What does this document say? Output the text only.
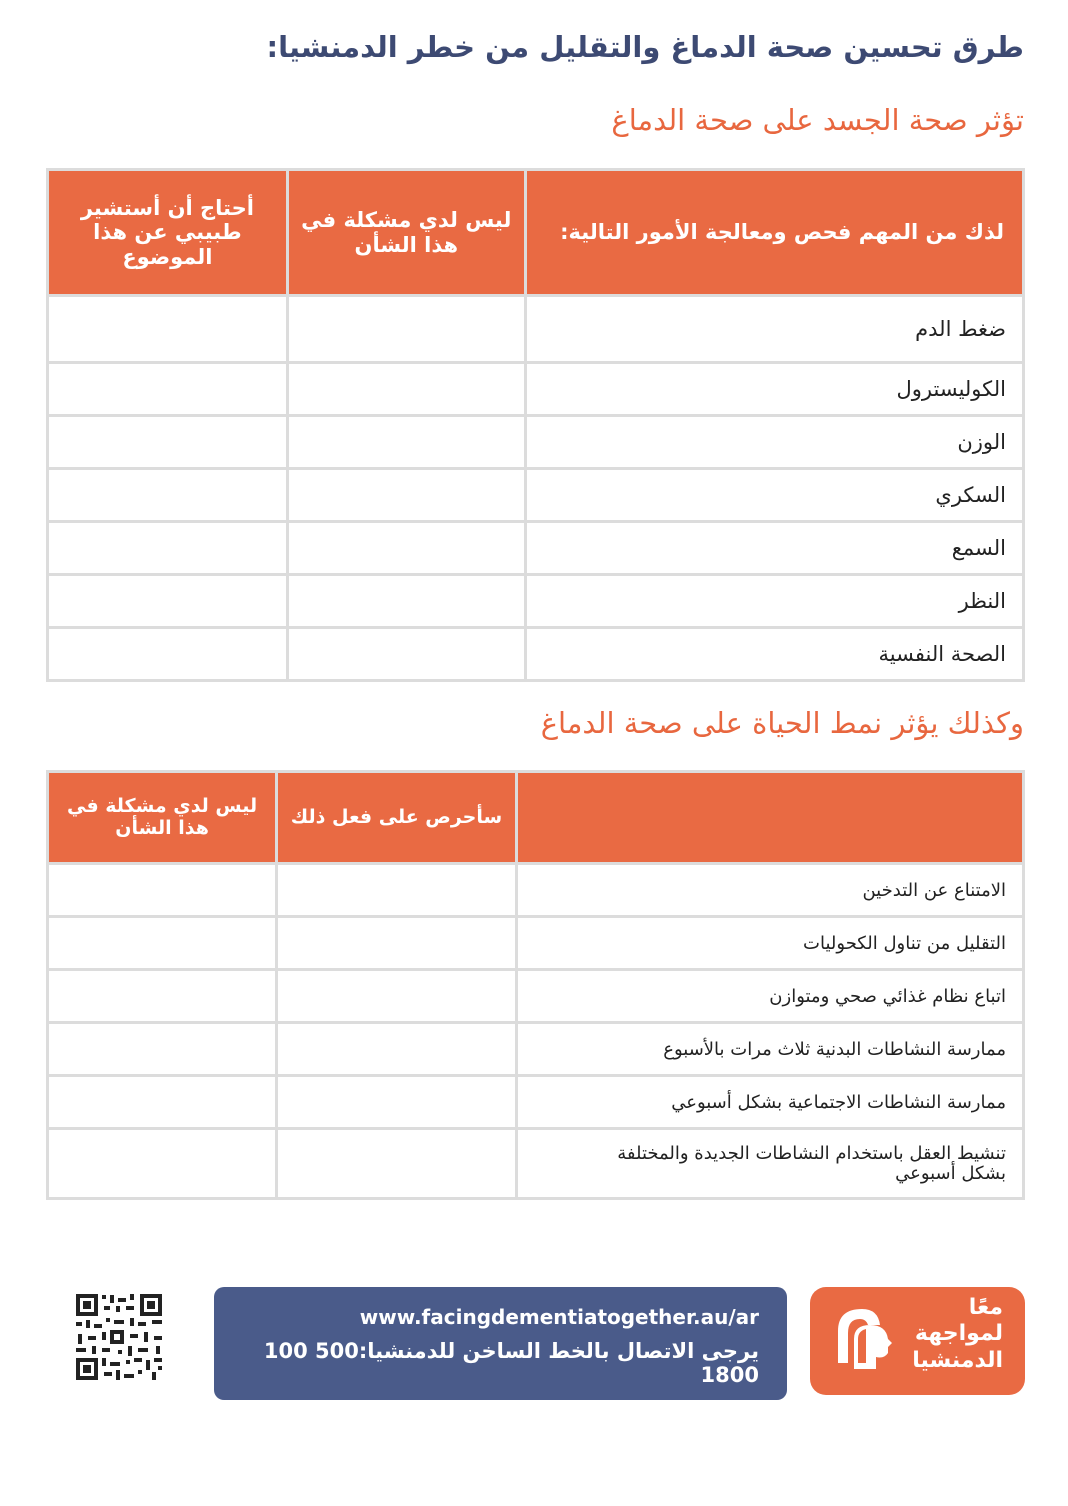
طرق تحسين صحة الدماغ والتقليل من خطر الدمنشيا:
تؤثر صحة الجسد على صحة الدماغ
لذك من المهم فحص ومعالجة الأمور التالية:	ليس لدي مشكلة في هذا الشأن	أحتاج أن أستشير طبيبي عن هذا الموضوع
ضغط الدم		
الكوليسترول		
الوزن		
السكري		
السمع		
النظر		
الصحة النفسية		
وكذلك يؤثر نمط الحياة على صحة الدماغ
	سأحرص على فعل ذلك	ليس لدي مشكلة في هذا الشأن
الامتناع عن التدخين		
التقليل من تناول الكحوليات		
اتباع نظام غذائي صحي ومتوازن		
ممارسة النشاطات البدنية ثلاث مرات بالأسبوع		
ممارسة النشاطات الاجتماعية بشكل أسبوعي		
تنشيط العقل باستخدام النشاطات الجديدة والمختلفة بشكل أسبوعي		
www.facingdementiatogether.au/ar
يرجى الاتصال بالخط الساخن للدمنشيا:500 100 1800
معًا
لمواجهة
الدمنشيا
